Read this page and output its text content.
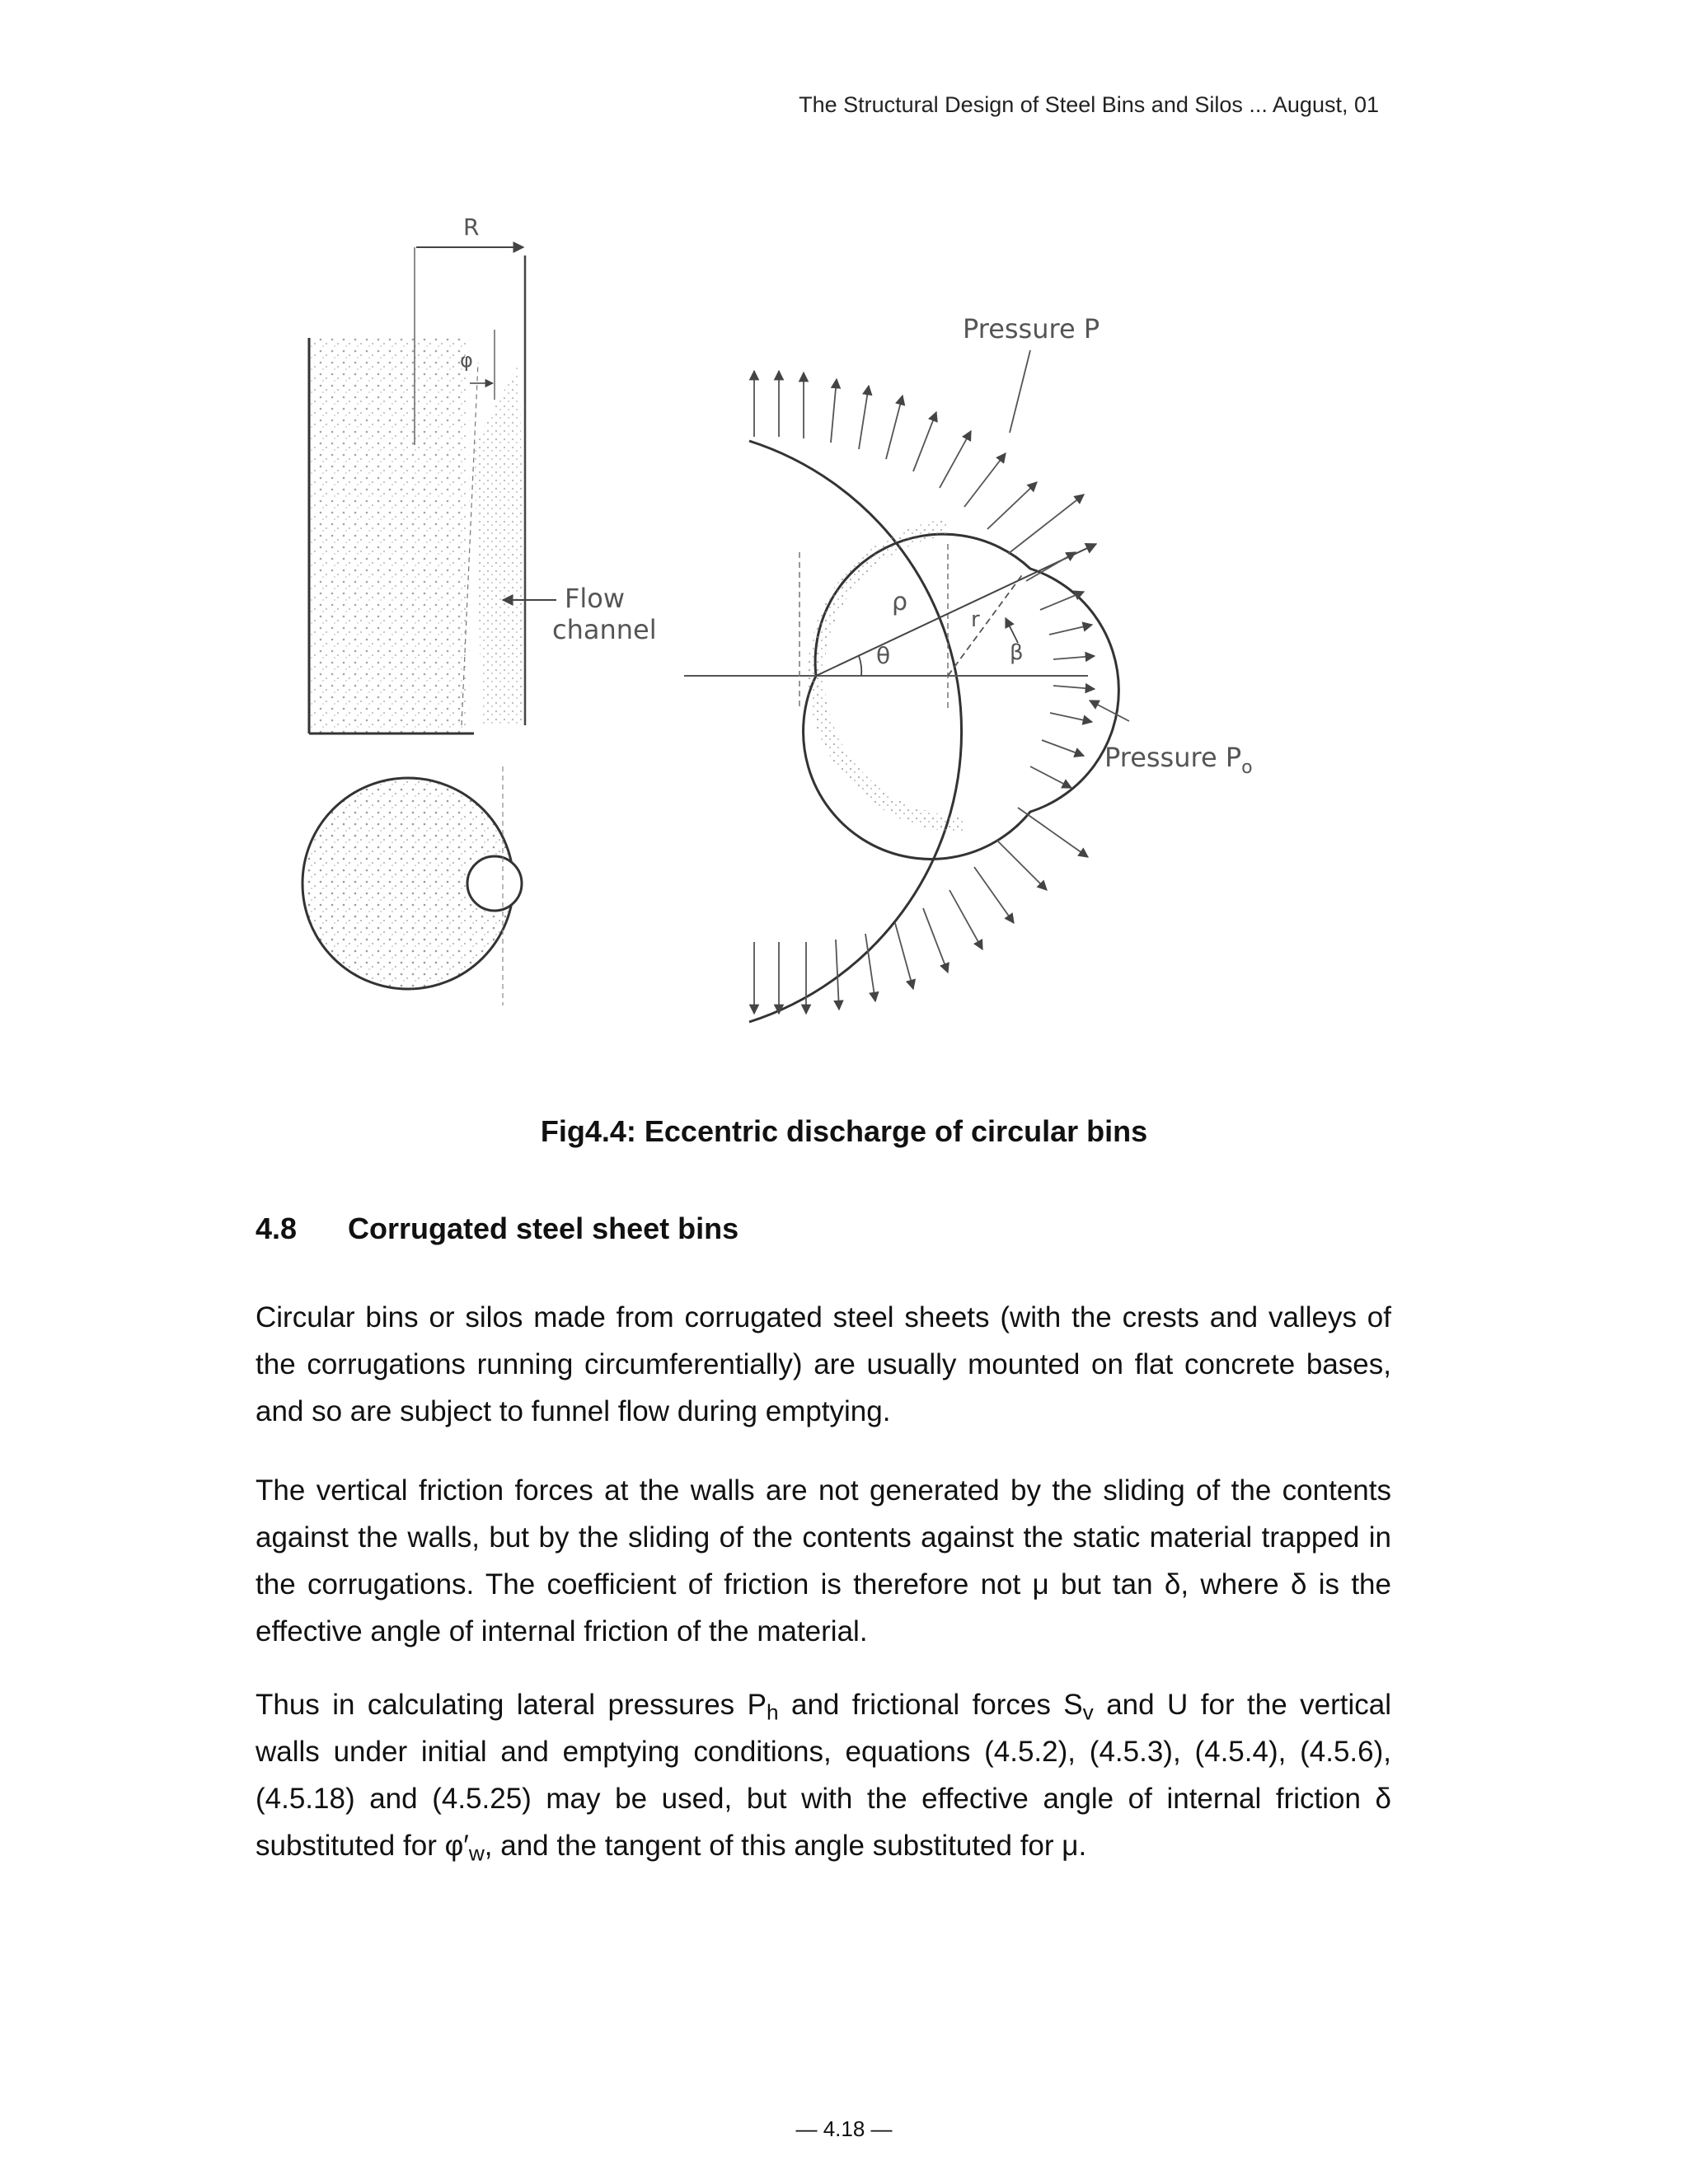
The Structural Design of Steel Bins and Silos ... August, 01
R
φ
Flow
channel
ρ
θ
r
β
Pressure P
Pressure $P_o$
Fig4.4: Eccentric discharge of circular bins
4.8 Corrugated steel sheet bins
Circular bins or silos made from corrugated steel sheets (with the crests and valleys of the corrugations running circumferentially) are usually mounted on flat concrete bases, and so are subject to funnel flow during emptying.
The vertical friction forces at the walls are not generated by the sliding of the contents against the walls, but by the sliding of the contents against the static material trapped in the corrugations. The coefficient of friction is therefore not μ but tan δ, where δ is the effective angle of internal friction of the material.
Thus in calculating lateral pressures $P_h$ and frictional forces $S_v$ and U for the vertical walls under initial and emptying conditions, equations (4.5.2), (4.5.3), (4.5.4), (4.5.6), (4.5.18) and (4.5.25) may be used, but with the effective angle of internal friction δ substituted for $\varphi'_w$, and the tangent of this angle substituted for μ.
— 4.18 —
